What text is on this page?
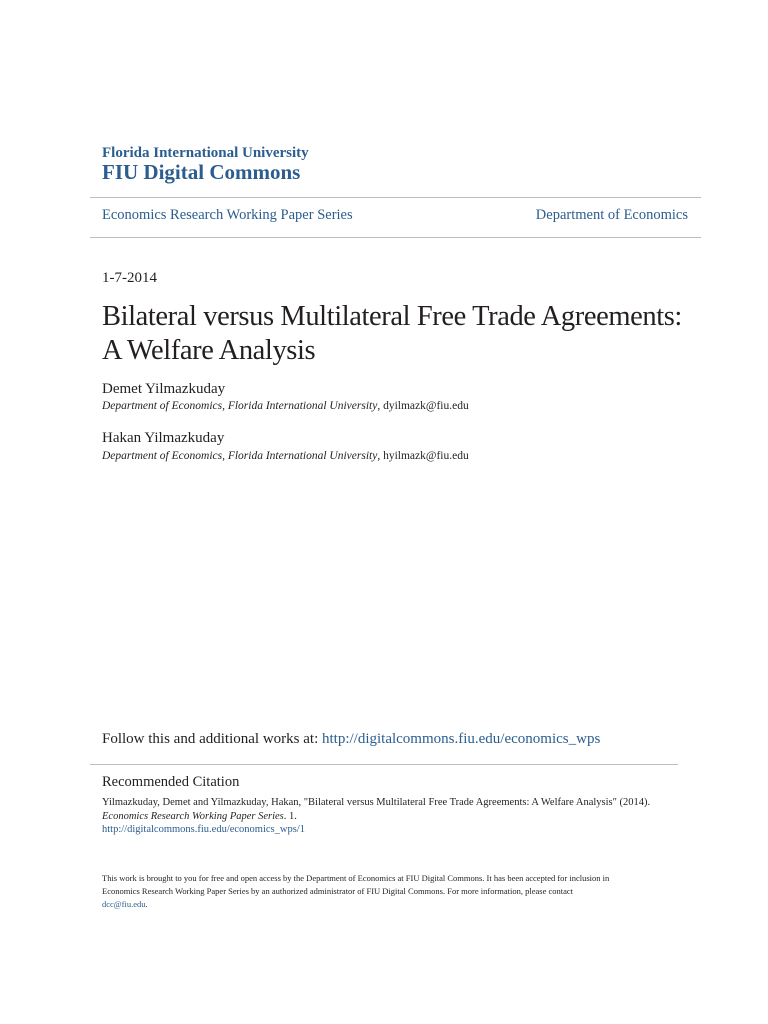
Florida International University
FIU Digital Commons
Economics Research Working Paper Series	Department of Economics
1-7-2014
Bilateral versus Multilateral Free Trade Agreements:
A Welfare Analysis
Demet Yilmazkuday
Department of Economics, Florida International University, dyilmazk@fiu.edu
Hakan Yilmazkuday
Department of Economics, Florida International University, hyilmazk@fiu.edu
Follow this and additional works at: http://digitalcommons.fiu.edu/economics_wps
Recommended Citation
Yilmazkuday, Demet and Yilmazkuday, Hakan, "Bilateral versus Multilateral Free Trade Agreements: A Welfare Analysis" (2014).
Economics Research Working Paper Series. 1.
http://digitalcommons.fiu.edu/economics_wps/1
This work is brought to you for free and open access by the Department of Economics at FIU Digital Commons. It has been accepted for inclusion in
Economics Research Working Paper Series by an authorized administrator of FIU Digital Commons. For more information, please contact
dcc@fiu.edu.
